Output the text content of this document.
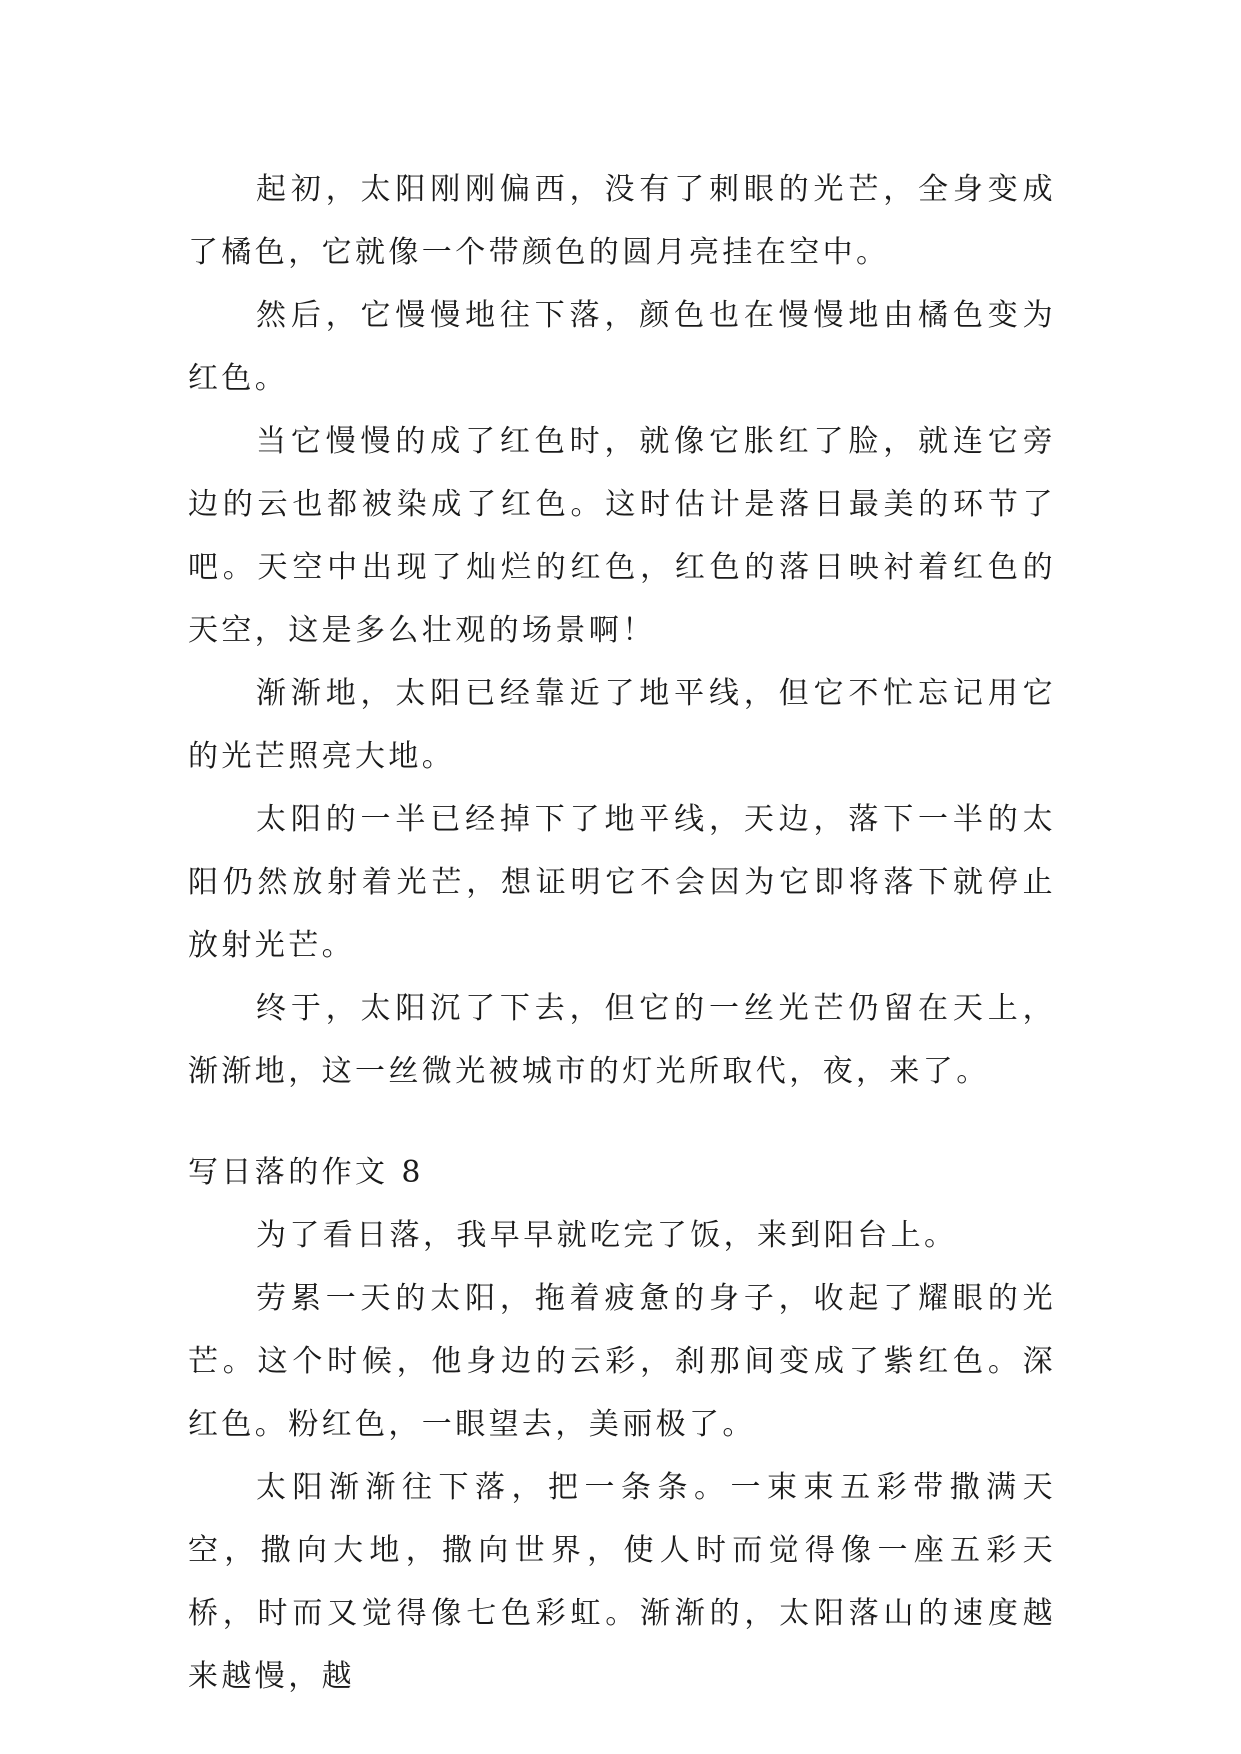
起初，太阳刚刚偏西，没有了刺眼的光芒，全身变成了橘色，它就像一个带颜色的圆月亮挂在空中。

然后，它慢慢地往下落，颜色也在慢慢地由橘色变为红色。

当它慢慢的成了红色时，就像它胀红了脸，就连它旁边的云也都被染成了红色。这时估计是落日最美的环节了吧。天空中出现了灿烂的红色，红色的落日映衬着红色的天空，这是多么壮观的场景啊！

渐渐地，太阳已经靠近了地平线，但它不忙忘记用它的光芒照亮大地。

太阳的一半已经掉下了地平线，天边，落下一半的太阳仍然放射着光芒，想证明它不会因为它即将落下就停止放射光芒。

终于，太阳沉了下去，但它的一丝光芒仍留在天上，渐渐地，这一丝微光被城市的灯光所取代，夜，来了。

写日落的作文 8

为了看日落，我早早就吃完了饭，来到阳台上。

劳累一天的太阳，拖着疲惫的身子，收起了耀眼的光芒。这个时候，他身边的云彩，刹那间变成了紫红色。深红色。粉红色，一眼望去，美丽极了。

太阳渐渐往下落，把一条条。一束束五彩带撒满天空，撒向大地，撒向世界，使人时而觉得像一座五彩天桥，时而又觉得像七色彩虹。渐渐的，太阳落山的速度越来越慢，越
